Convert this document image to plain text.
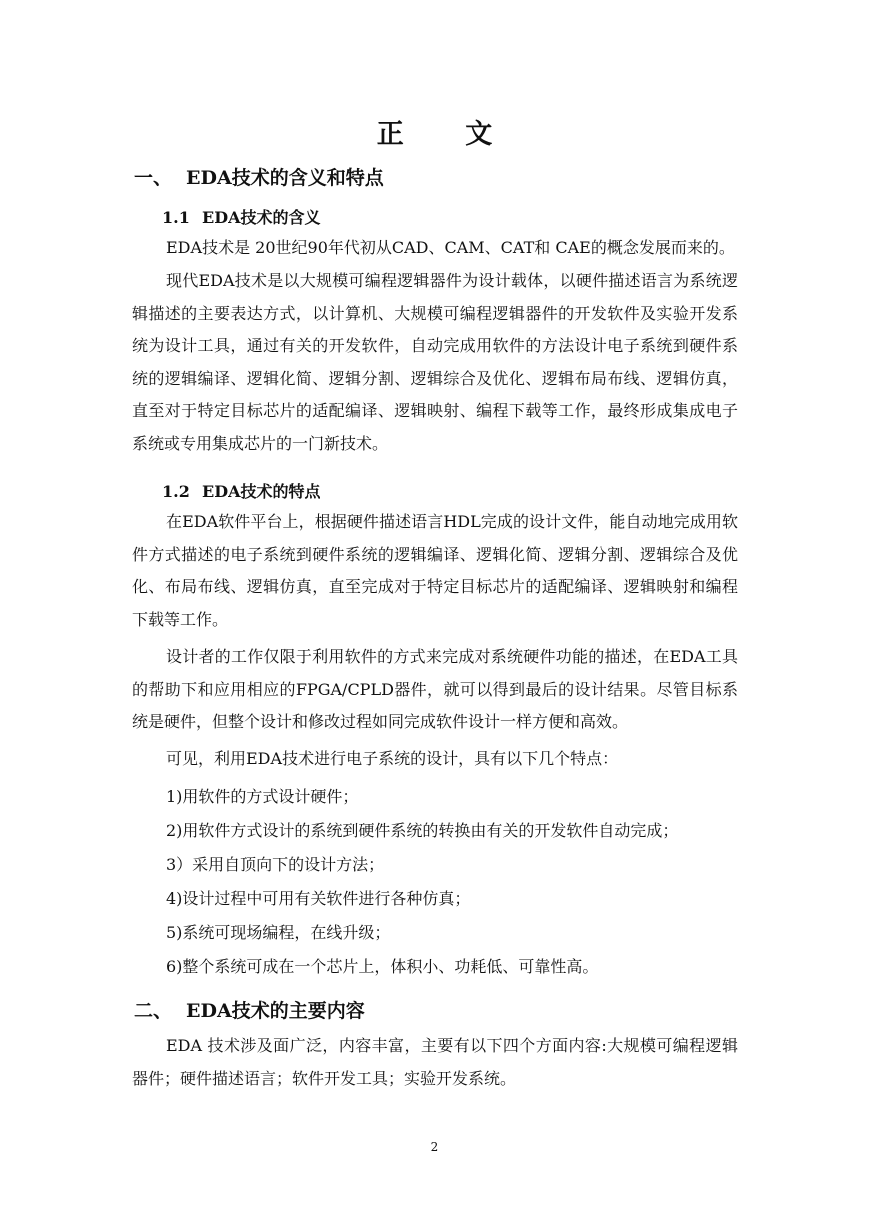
正 文
一、 EDA技术的含义和特点
1.1 EDA技术的含义

EDA技术是 20世纪90年代初从CAD、CAM、CAT和 CAE的概念发展而来的。

现代EDA技术是以大规模可编程逻辑器件为设计载体，以硬件描述语言为系统逻辑描述的主要表达方式，以计算机、大规模可编程逻辑器件的开发软件及实验开发系统为设计工具，通过有关的开发软件，自动完成用软件的方法设计电子系统到硬件系统的逻辑编译、逻辑化简、逻辑分割、逻辑综合及优化、逻辑布局布线、逻辑仿真，直至对于特定目标芯片的适配编译、逻辑映射、编程下载等工作，最终形成集成电子系统或专用集成芯片的一门新技术。

1.2 EDA技术的特点

在EDA软件平台上，根据硬件描述语言HDL完成的设计文件，能自动地完成用软件方式描述的电子系统到硬件系统的逻辑编译、逻辑化简、逻辑分割、逻辑综合及优化、布局布线、逻辑仿真，直至完成对于特定目标芯片的适配编译、逻辑映射和编程下载等工作。

设计者的工作仅限于利用软件的方式来完成对系统硬件功能的描述，在EDA工具的帮助下和应用相应的FPGA/CPLD器件，就可以得到最后的设计结果。尽管目标系统是硬件，但整个设计和修改过程如同完成软件设计一样方便和高效。

可见，利用EDA技术进行电子系统的设计，具有以下几个特点：

1)用软件的方式设计硬件；
2)用软件方式设计的系统到硬件系统的转换由有关的开发软件自动完成；
3）采用自顶向下的设计方法；
4)设计过程中可用有关软件进行各种仿真；
5)系统可现场编程，在线升级；
6)整个系统可成在一个芯片上，体积小、功耗低、可靠性高。
二、 EDA技术的主要内容

EDA 技术涉及面广泛，内容丰富，主要有以下四个方面内容:大规模可编程逻辑器件；硬件描述语言；软件开发工具；实验开发系统。

2
